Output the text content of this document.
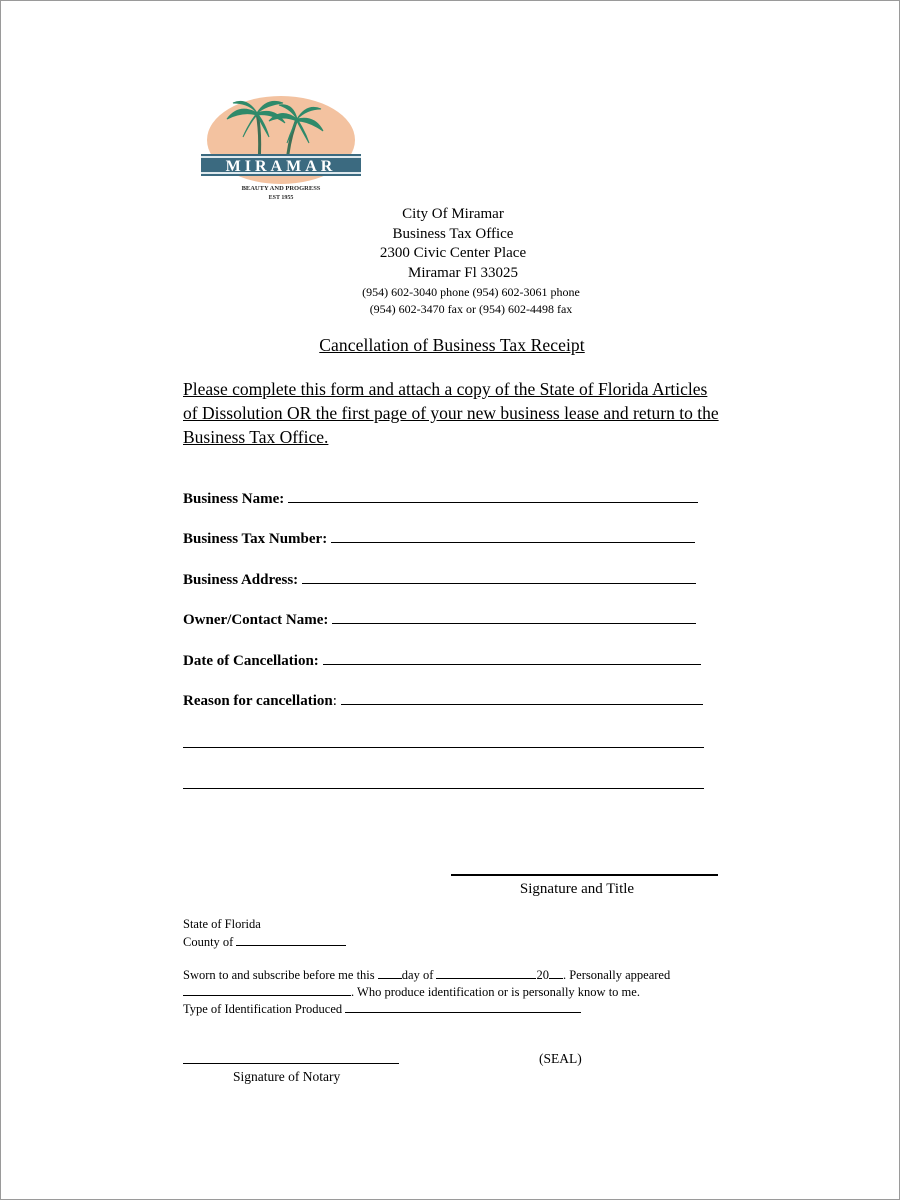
MIRAMAR
BEAUTY AND PROGRESS
EST 1955
City Of Miramar
Business Tax Office
2300 Civic Center Place
Miramar Fl 33025
(954) 602-3040 phone (954) 602-3061 phone
(954) 602-3470 fax or (954) 602-4498 fax
Cancellation of Business Tax Receipt
Please complete this form and attach a copy of the State of Florida Articles
of Dissolution OR the first page of your new business lease and return to the
Business Tax Office.
Business Name:
Business Tax Number:
Business Address:
Owner/Contact Name:
Date of Cancellation:
Reason for cancellation:
Signature and Title
State of Florida
County of
Sworn to and subscribe before me this day of	20 . Personally appeared
. Who produce identification or is personally know to me.
Type of Identification Produced
(SEAL)
Signature of Notary
